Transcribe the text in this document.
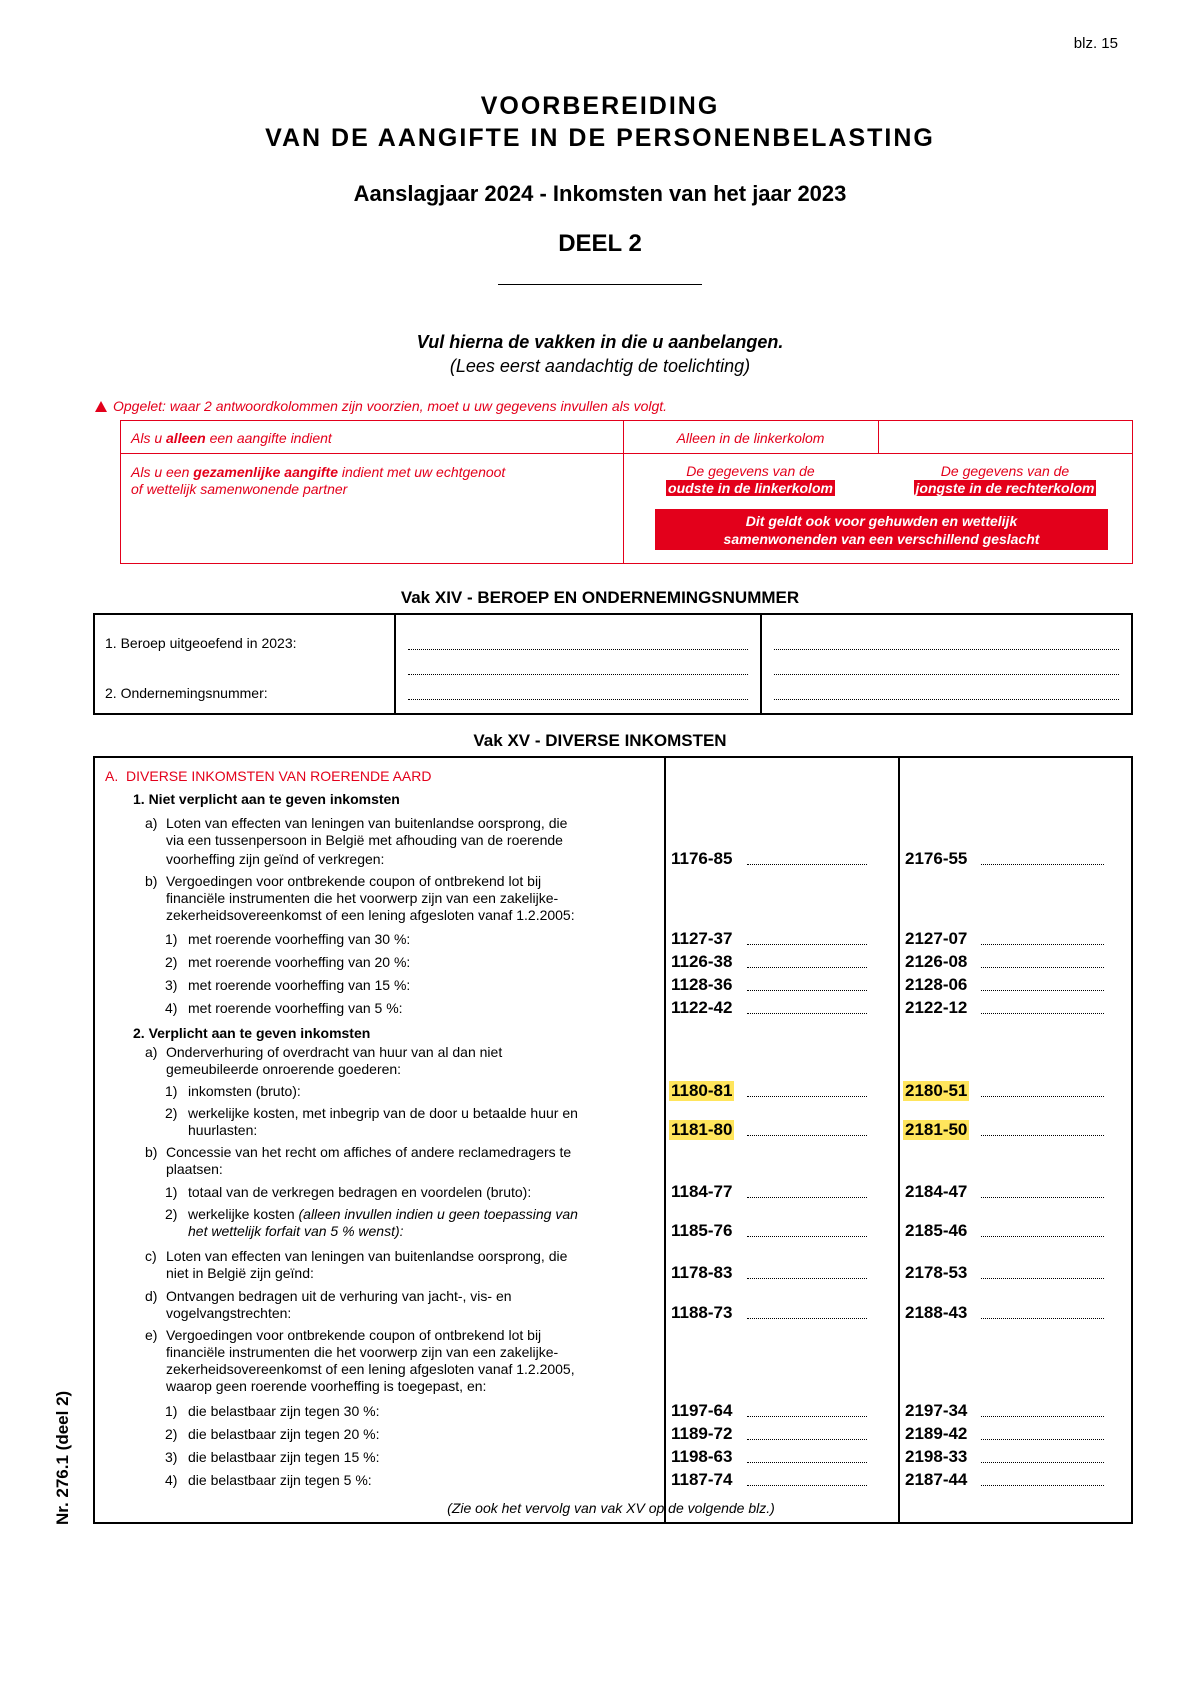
blz. 15
VOORBEREIDING
VAN DE AANGIFTE IN DE PERSONENBELASTING
Aanslagjaar 2024 - Inkomsten van het jaar 2023
DEEL 2
Vul hierna de vakken in die u aanbelangen.
(Lees eerst aandachtig de toelichting)
Opgelet: waar 2 antwoordkolommen zijn voorzien, moet u uw gegevens invullen als volgt.
Als u alleen een aangifte indient	Alleen in de linkerkolom
Als u een gezamenlijke aangifte indient met uw echtgenoot
of wettelijk samenwonende partner
De gegevens van de
oudste in de linkerkolom
De gegevens van de
jongste in de rechterkolom
Dit geldt ook voor gehuwden en wettelijk
samenwonenden van een verschillend geslacht
Vak XIV - BEROEP EN ONDERNEMINGSNUMMER
1. Beroep uitgeoefend in 2023:
2. Ondernemingsnummer:
Vak XV - DIVERSE INKOMSTEN
A. DIVERSE INKOMSTEN VAN ROERENDE AARD
1. Niet verplicht aan te geven inkomsten
2. Verplicht aan te geven inkomsten
a) Loten van effecten van leningen van buitenlandse oorsprong, die
via een tussenpersoon in België met afhouding van de roerende
voorheffing zijn geïnd of verkregen:	1176-85	2176-55
b) Vergoedingen voor ontbrekende coupon of ontbrekend lot bij
financiële instrumenten die het voorwerp zijn van een zakelijke-
zekerheidsovereenkomst of een lening afgesloten vanaf 1.2.2005:
1) met roerende voorheffing van 30 %:	1127-37	2127-07
2) met roerende voorheffing van 20 %:	1126-38	2126-08
3) met roerende voorheffing van 15 %:	1128-36	2128-06
4) met roerende voorheffing van 5 %:	1122-42	2122-12
a) Onderverhuring of overdracht van huur van al dan niet
gemeubileerde onroerende goederen:
1) inkomsten (bruto):	1180-81	2180-51
2) werkelijke kosten, met inbegrip van de door u betaalde huur en
huurlasten:	1181-80	2181-50
b) Concessie van het recht om affiches of andere reclamedragers te
plaatsen:
1) totaal van de verkregen bedragen en voordelen (bruto):	1184-77	2184-47
2) werkelijke kosten (alleen invullen indien u geen toepassing van
het wettelijk forfait van 5 % wenst):	1185-76	2185-46
c) Loten van effecten van leningen van buitenlandse oorsprong, die
niet in België zijn geïnd:	1178-83	2178-53
d) Ontvangen bedragen uit de verhuring van jacht-, vis- en
vogelvangstrechten:	1188-73	2188-43
e) Vergoedingen voor ontbrekende coupon of ontbrekend lot bij
financiële instrumenten die het voorwerp zijn van een zakelijke-
zekerheidsovereenkomst of een lening afgesloten vanaf 1.2.2005,
waarop geen roerende voorheffing is toegepast, en:
1) die belastbaar zijn tegen 30 %:	1197-64	2197-34
2) die belastbaar zijn tegen 20 %:	1189-72	2189-42
3) die belastbaar zijn tegen 15 %:	1198-63	2198-33
4) die belastbaar zijn tegen 5 %:	1187-74	2187-44
(Zie ook het vervolg van vak XV op de volgende blz.)
Nr. 276.1 (deel 2)
